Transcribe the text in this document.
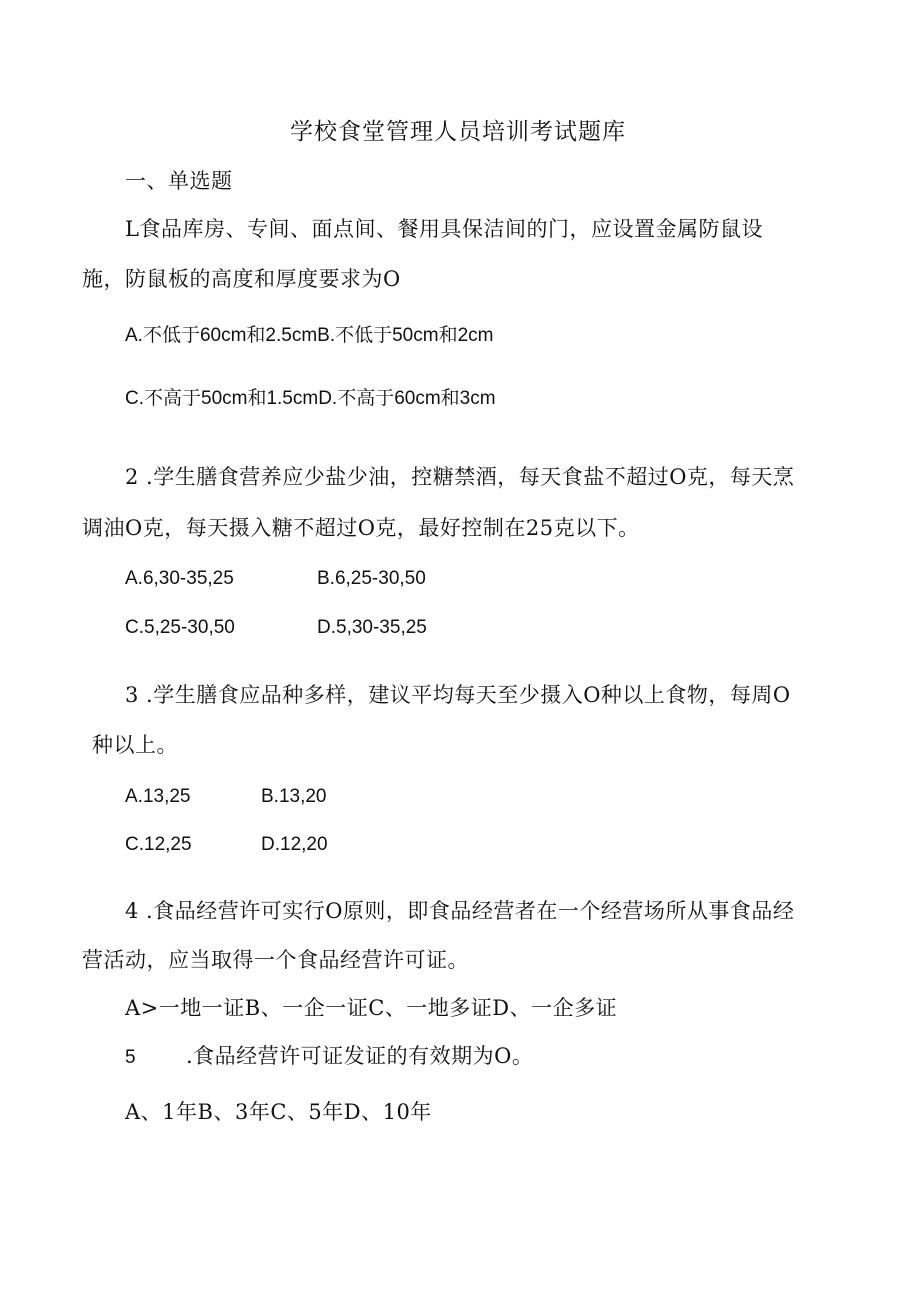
学校食堂管理人员培训考试题库
一、单选题
L食品库房、专间、面点间、餐用具保洁间的门，应设置金属防鼠设
施，防鼠板的高度和厚度要求为O
A.不低于60cm和2.5cmB.不低于50cm和2cm
C.不高于50cm和1.5cmD.不高于60cm和3cm
2 .学生膳食营养应少盐少油，控糖禁酒，每天食盐不超过O克，每天烹
调油O克，每天摄入糖不超过O克，最好控制在25克以下。
A.6,30-35,25	B.6,25-30,50
C.5,25-30,50	D.5,30-35,25
3 .学生膳食应品种多样，建议平均每天至少摄入O种以上食物，每周O
种以上。
A.13,25	B.13,20
C.12,25	D.12,20
4 .食品经营许可实行O原则，即食品经营者在一个经营场所从事食品经
营活动，应当取得一个食品经营许可证。
A>一地一证B、一企一证C、一地多证D、一企多证
5 .食品经营许可证发证的有效期为O。
A、1年B、3年C、5年D、10年
